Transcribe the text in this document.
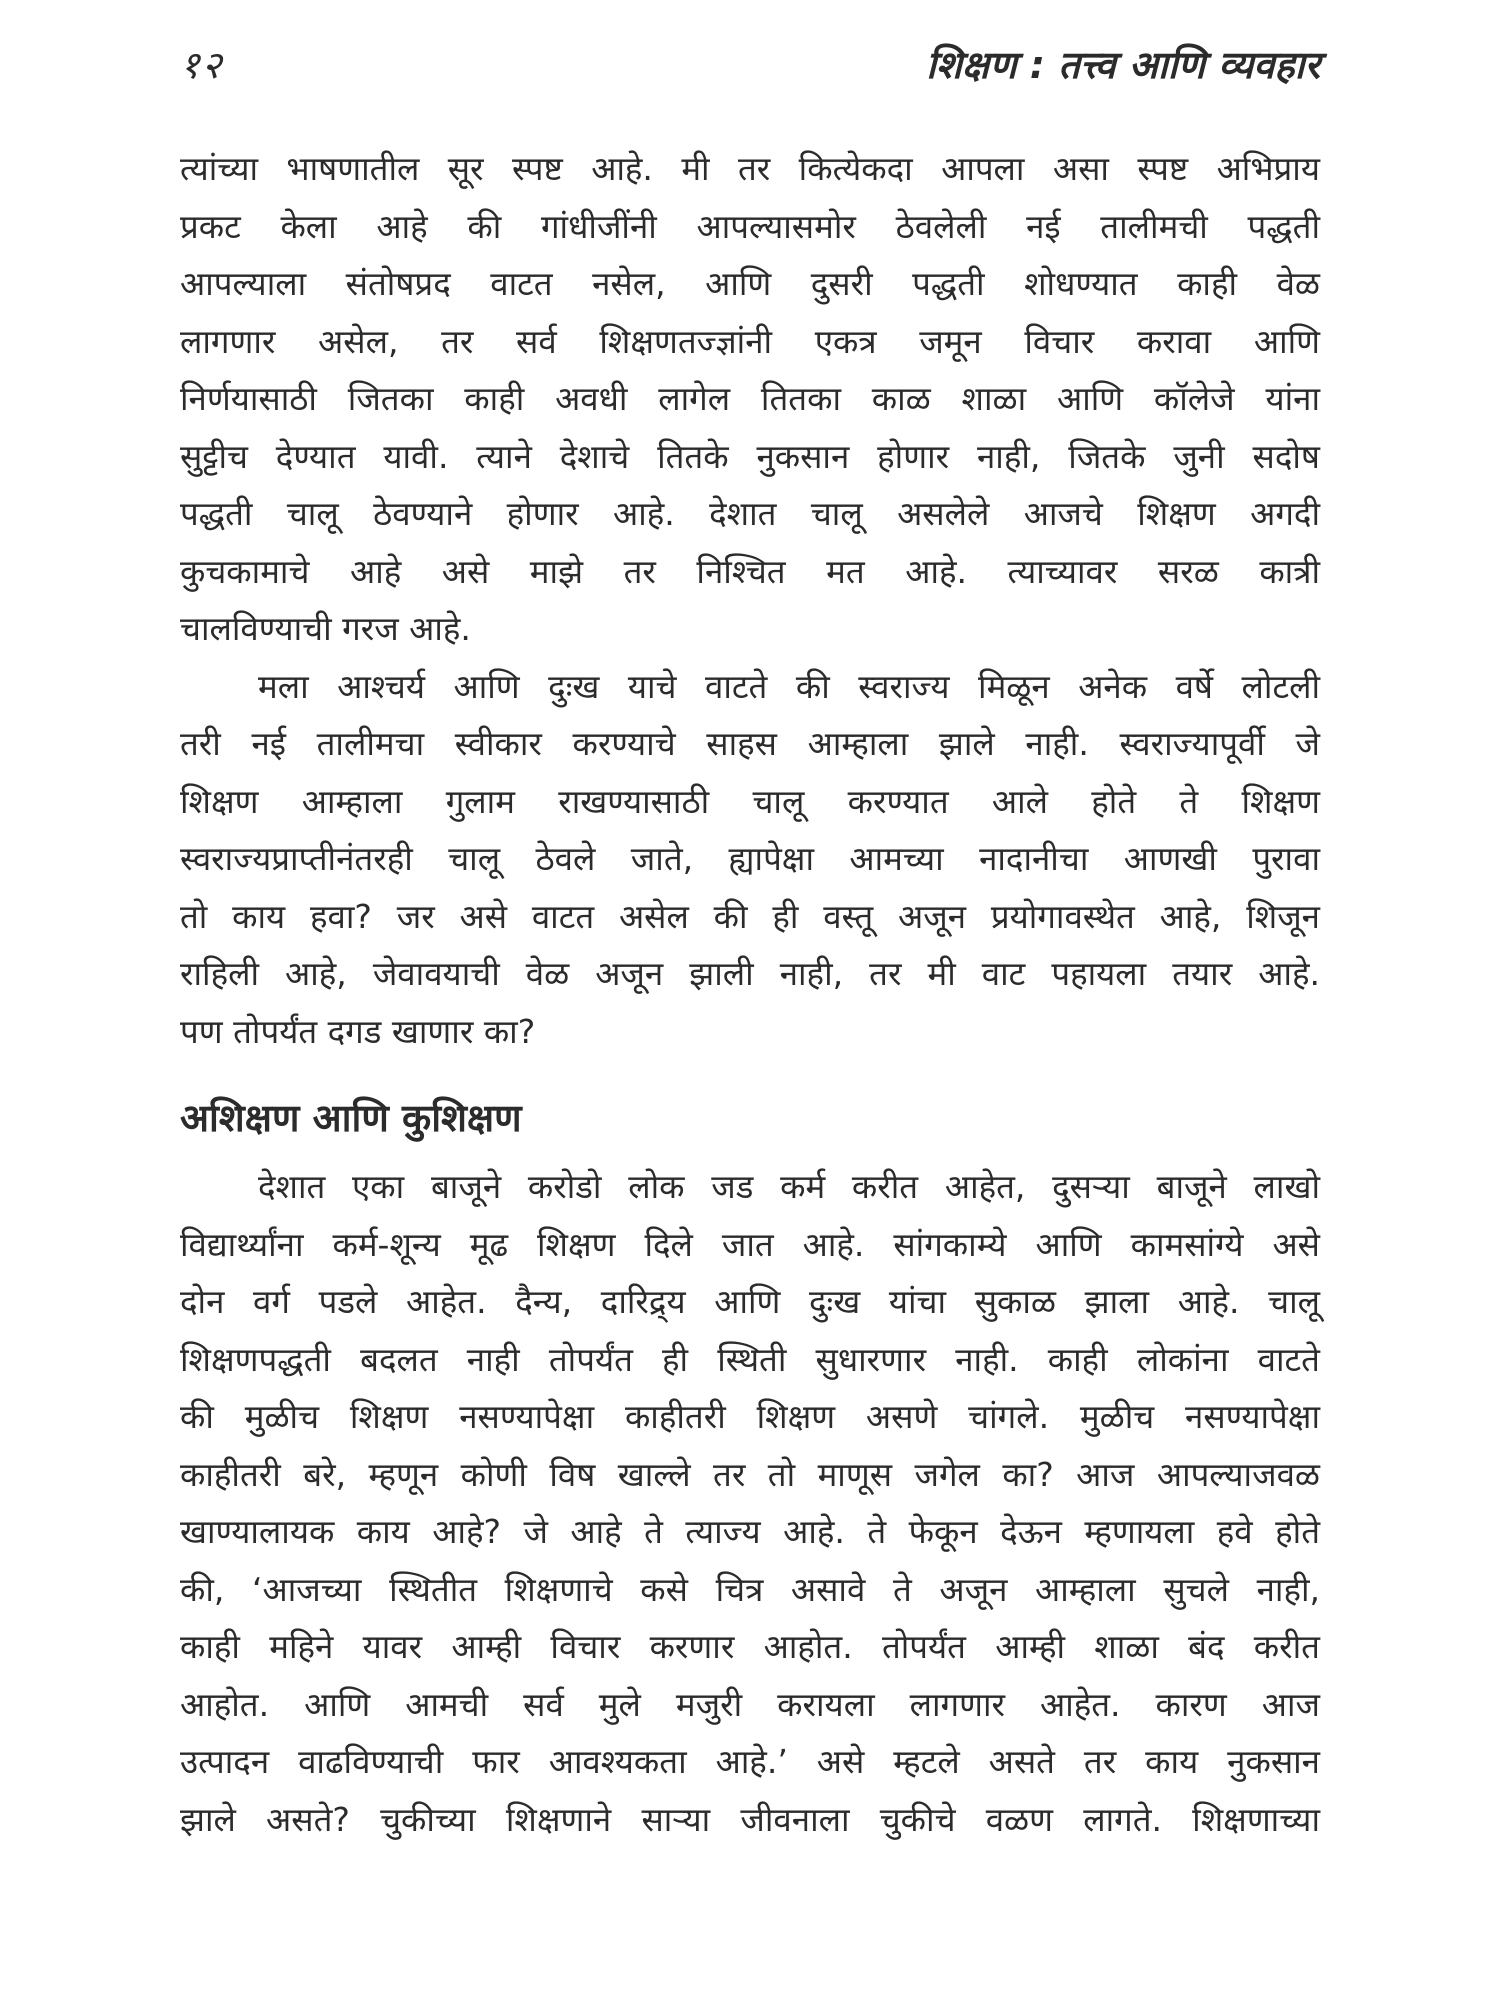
१२	शिक्षण : तत्त्व आणि व्यवहार

त्यांच्या भाषणातील सूर स्पष्ट आहे. मी तर कित्येकदा आपला असा स्पष्ट अभिप्राय
प्रकट केला आहे की गांधीजींनी आपल्यासमोर ठेवलेली नई तालीमची पद्धती
आपल्याला संतोषप्रद वाटत नसेल, आणि दुसरी पद्धती शोधण्यात काही वेळ
लागणार असेल, तर सर्व शिक्षणतज्ज्ञांनी एकत्र जमून विचार करावा आणि
निर्णयासाठी जितका काही अवधी लागेल तितका काळ शाळा आणि कॉलेजे यांना
सुट्टीच देण्यात यावी. त्याने देशाचे तितके नुकसान होणार नाही, जितके जुनी सदोष
पद्धती चालू ठेवण्याने होणार आहे. देशात चालू असलेले आजचे शिक्षण अगदी
कुचकामाचे आहे असे माझे तर निश्चित मत आहे. त्याच्यावर सरळ कात्री
चालविण्याची गरज आहे.

मला आश्चर्य आणि दुःख याचे वाटते की स्वराज्य मिळून अनेक वर्षे लोटली
तरी नई तालीमचा स्वीकार करण्याचे साहस आम्हाला झाले नाही. स्वराज्यापूर्वी जे
शिक्षण आम्हाला गुलाम राखण्यासाठी चालू करण्यात आले होते ते शिक्षण
स्वराज्यप्राप्तीनंतरही चालू ठेवले जाते, ह्यापेक्षा आमच्या नादानीचा आणखी पुरावा
तो काय हवा? जर असे वाटत असेल की ही वस्तू अजून प्रयोगावस्थेत आहे, शिजून
राहिली आहे, जेवावयाची वेळ अजून झाली नाही, तर मी वाट पहायला तयार आहे.
पण तोपर्यंत दगड खाणार का?

अशिक्षण आणि कुशिक्षण

देशात एका बाजूने करोडो लोक जड कर्म करीत आहेत, दुसऱ्या बाजूने लाखो
विद्यार्थ्यांना कर्म-शून्य मूढ शिक्षण दिले जात आहे. सांगकाम्ये आणि कामसांग्ये असे
दोन वर्ग पडले आहेत. दैन्य, दारिद्र्य आणि दुःख यांचा सुकाळ झाला आहे. चालू
शिक्षणपद्धती बदलत नाही तोपर्यंत ही स्थिती सुधारणार नाही. काही लोकांना वाटते
की मुळीच शिक्षण नसण्यापेक्षा काहीतरी शिक्षण असणे चांगले. मुळीच नसण्यापेक्षा
काहीतरी बरे, म्हणून कोणी विष खाल्ले तर तो माणूस जगेल का? आज आपल्याजवळ
खाण्यालायक काय आहे? जे आहे ते त्याज्य आहे. ते फेकून देऊन म्हणायला हवे होते
की, ‘आजच्या स्थितीत शिक्षणाचे कसे चित्र असावे ते अजून आम्हाला सुचले नाही,
काही महिने यावर आम्ही विचार करणार आहोत. तोपर्यंत आम्ही शाळा बंद करीत
आहोत. आणि आमची सर्व मुले मजुरी करायला लागणार आहेत. कारण आज
उत्पादन वाढविण्याची फार आवश्यकता आहे.’ असे म्हटले असते तर काय नुकसान
झाले असते? चुकीच्या शिक्षणाने साऱ्या जीवनाला चुकीचे वळण लागते. शिक्षणाच्या
